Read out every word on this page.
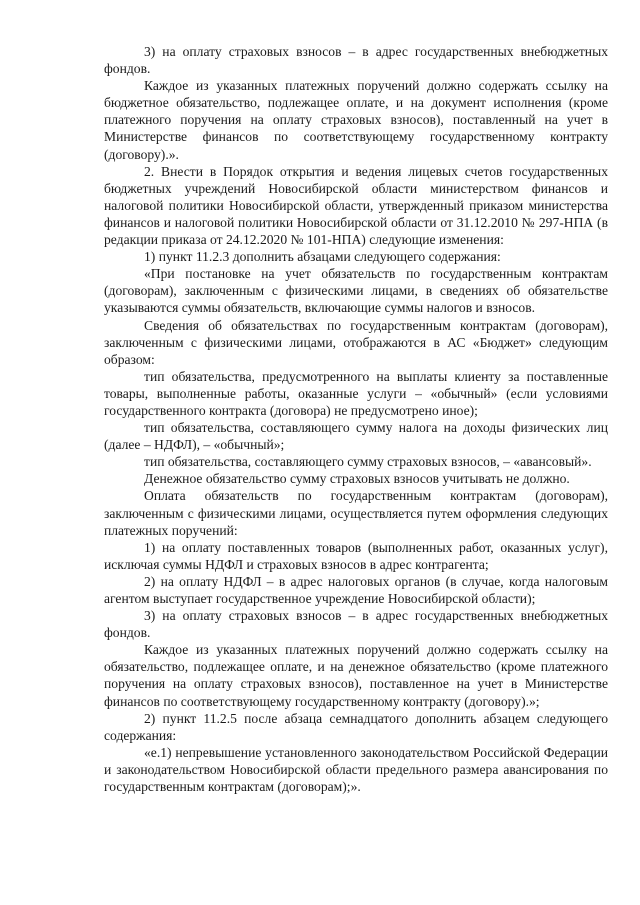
3) на оплату страховых взносов – в адрес государственных внебюджетных фондов.

Каждое из указанных платежных поручений должно содержать ссылку на бюджетное обязательство, подлежащее оплате, и на документ исполнения (кроме платежного поручения на оплату страховых взносов), поставленный на учет в Министерстве финансов по соответствующему государственному контракту (договору).».

2. Внести в Порядок открытия и ведения лицевых счетов государственных бюджетных учреждений Новосибирской области министерством финансов и налоговой политики Новосибирской области, утвержденный приказом министерства финансов и налоговой политики Новосибирской области от 31.12.2010 № 297-НПА (в редакции приказа от 24.12.2020 № 101-НПА) следующие изменения:

1) пункт 11.2.3 дополнить абзацами следующего содержания:

«При постановке на учет обязательств по государственным контрактам (договорам), заключенным с физическими лицами, в сведениях об обязательстве указываются суммы обязательств, включающие суммы налогов и взносов.

Сведения об обязательствах по государственным контрактам (договорам), заключенным с физическими лицами, отображаются в АС «Бюджет» следующим образом:

тип обязательства, предусмотренного на выплаты клиенту за поставленные товары, выполненные работы, оказанные услуги – «обычный» (если условиями государственного контракта (договора) не предусмотрено иное);

тип обязательства, составляющего сумму налога на доходы физических лиц (далее – НДФЛ), – «обычный»;

тип обязательства, составляющего сумму страховых взносов, – «авансовый».

Денежное обязательство сумму страховых взносов учитывать не должно.

Оплата обязательств по государственным контрактам (договорам), заключенным с физическими лицами, осуществляется путем оформления следующих платежных поручений:

1) на оплату поставленных товаров (выполненных работ, оказанных услуг), исключая суммы НДФЛ и страховых взносов в адрес контрагента;

2) на оплату НДФЛ – в адрес налоговых органов (в случае, когда налоговым агентом выступает государственное учреждение Новосибирской области);

3) на оплату страховых взносов – в адрес государственных внебюджетных фондов.

Каждое из указанных платежных поручений должно содержать ссылку на обязательство, подлежащее оплате, и на денежное обязательство (кроме платежного поручения на оплату страховых взносов), поставленное на учет в Министерстве финансов по соответствующему государственному контракту (договору).»;

2) пункт 11.2.5 после абзаца семнадцатого дополнить абзацем следующего содержания:

«е.1) непревышение установленного законодательством Российской Федерации и законодательством Новосибирской области предельного размера авансирования по государственным контрактам (договорам);».
